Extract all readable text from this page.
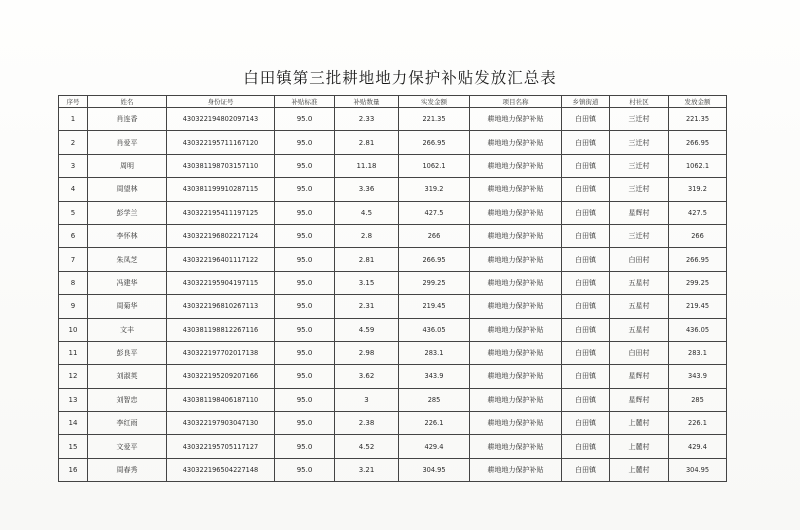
白田镇第三批耕地地力保护补贴发放汇总表
序号	姓名	身份证号	补贴标准	补贴数量	实发金额	项目名称	乡镇街道	村社区	发放金额
1	肖连香	430322194802097143	95.0	2.33	221.35	耕地地力保护补贴	白田镇	三迁村	221.35
2	肖爱平	430322195711167120	95.0	2.81	266.95	耕地地力保护补贴	白田镇	三迁村	266.95
3	周明	430381198703157110	95.0	11.18	1062.1	耕地地力保护补贴	白田镇	三迁村	1062.1
4	周望林	430381199910287115	95.0	3.36	319.2	耕地地力保护补贴	白田镇	三迁村	319.2
5	彭学兰	430322195411197125	95.0	4.5	427.5	耕地地力保护补贴	白田镇	星辉村	427.5
6	李怀林	430322196802217124	95.0	2.8	266	耕地地力保护补贴	白田镇	三迁村	266
7	朱凤芝	430322196401117122	95.0	2.81	266.95	耕地地力保护补贴	白田镇	白田村	266.95
8	冯建华	430322195904197115	95.0	3.15	299.25	耕地地力保护补贴	白田镇	五星村	299.25
9	周菊华	430322196810267113	95.0	2.31	219.45	耕地地力保护补贴	白田镇	五星村	219.45
10	文丰	430381198812267116	95.0	4.59	436.05	耕地地力保护补贴	白田镇	五星村	436.05
11	彭良平	430322197702017138	95.0	2.98	283.1	耕地地力保护补贴	白田镇	白田村	283.1
12	刘淑英	430322195209207166	95.0	3.62	343.9	耕地地力保护补贴	白田镇	星辉村	343.9
13	刘智忠	430381198406187110	95.0	3	285	耕地地力保护补贴	白田镇	星辉村	285
14	李红雨	430322197903047130	95.0	2.38	226.1	耕地地力保护补贴	白田镇	上麓村	226.1
15	文爱平	430322195705117127	95.0	4.52	429.4	耕地地力保护补贴	白田镇	上麓村	429.4
16	周春秀	430322196504227148	95.0	3.21	304.95	耕地地力保护补贴	白田镇	上麓村	304.95
